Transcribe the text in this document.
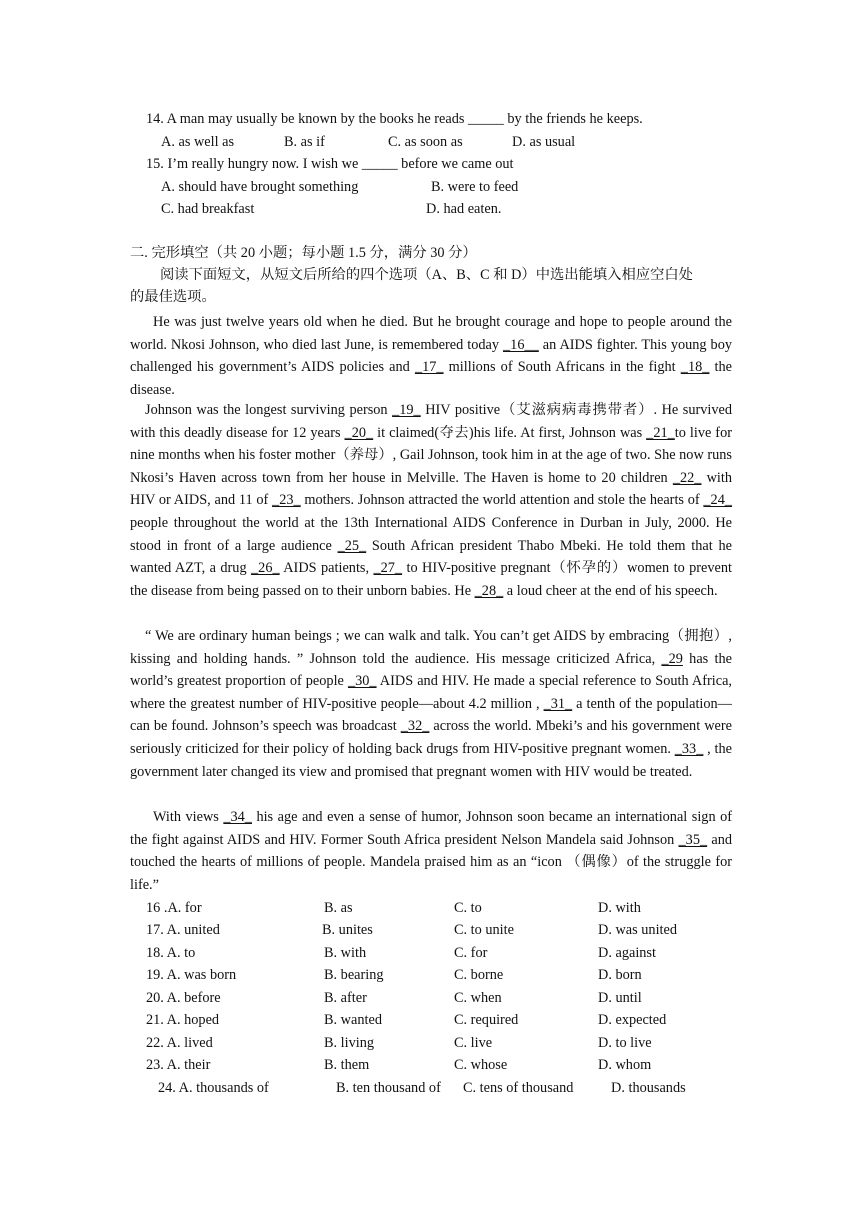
14. A man may usually be known by the books he reads _____ by the friends he keeps.
A. as well as	B. as if	C. as soon as	D. as usual
15. I’m really hungry now. I wish we _____ before we came out
A. should have brought something	B. were to feed
C. had breakfast	D. had eaten.
二. 完形填空（共 20 小题；每小题 1.5 分，满分 30 分）
阅读下面短文，从短文后所给的四个选项（A、B、C 和 D）中选出能填入相应空白处
的最佳选项。
He was just twelve years old when he died. But he brought courage and hope to people around the world. Nkosi Johnson, who died last June, is remembered today _16__ an AIDS fighter. This young boy challenged his government’s AIDS policies and _17_ millions of South Africans in the fight _18_ the disease.
Johnson was the longest surviving person _19_ HIV positive（艾滋病病毒携带者）. He survived with this deadly disease for 12 years _20_ it claimed(夺去)his life. At first, Johnson was _21_to live for nine months when his foster mother（养母）, Gail Johnson, took him in at the age of two. She now runs Nkosi’s Haven across town from her house in Melville. The Haven is home to 20 children _22_ with HIV or AIDS, and 11 of _23_ mothers. Johnson attracted the world attention and stole the hearts of _24_ people throughout the world at the 13th International AIDS Conference in Durban in July, 2000. He stood in front of a large audience _25_ South African president Thabo Mbeki. He told them that he wanted AZT, a drug _26_ AIDS patients, _27_ to HIV-positive pregnant（怀孕的）women to prevent the disease from being passed on to their unborn babies. He _28_ a loud cheer at the end of his speech.
“ We are ordinary human beings ; we can walk and talk. You can’t get AIDS by embracing（拥抱）, kissing and holding hands. ” Johnson told the audience. His message criticized Africa, _29 has the world’s greatest proportion of people _30_ AIDS and HIV. He made a special reference to South Africa, where the greatest number of HIV-positive people—about 4.2 million , _31_ a tenth of the population—can be found. Johnson’s speech was broadcast _32_ across the world. Mbeki’s and his government were seriously criticized for their policy of holding back drugs from HIV-positive pregnant women. _33_ , the government later changed its view and promised that pregnant women with HIV would be treated.
With views _34_ his age and even a sense of humor, Johnson soon became an international sign of the fight against AIDS and HIV. Former South Africa president Nelson Mandela said Johnson _35_ and touched the hearts of millions of people. Mandela praised him as an “icon （偶像）of the struggle for life.”
16 .A. for	B. as	C. to	D. with
17. A. united	B. unites	C. to unite	D. was united
18. A. to	B. with	C. for	D. against
19. A. was born	B. bearing	C. borne	D. born
20. A. before	B. after	C. when	D. until
21. A. hoped	B. wanted	C. required	D. expected
22. A. lived	B. living	C. live	D. to live
23. A. their	B. them	C. whose	D. whom
24. A. thousands of	B. ten thousand of C. tens of thousand	D. thousands
